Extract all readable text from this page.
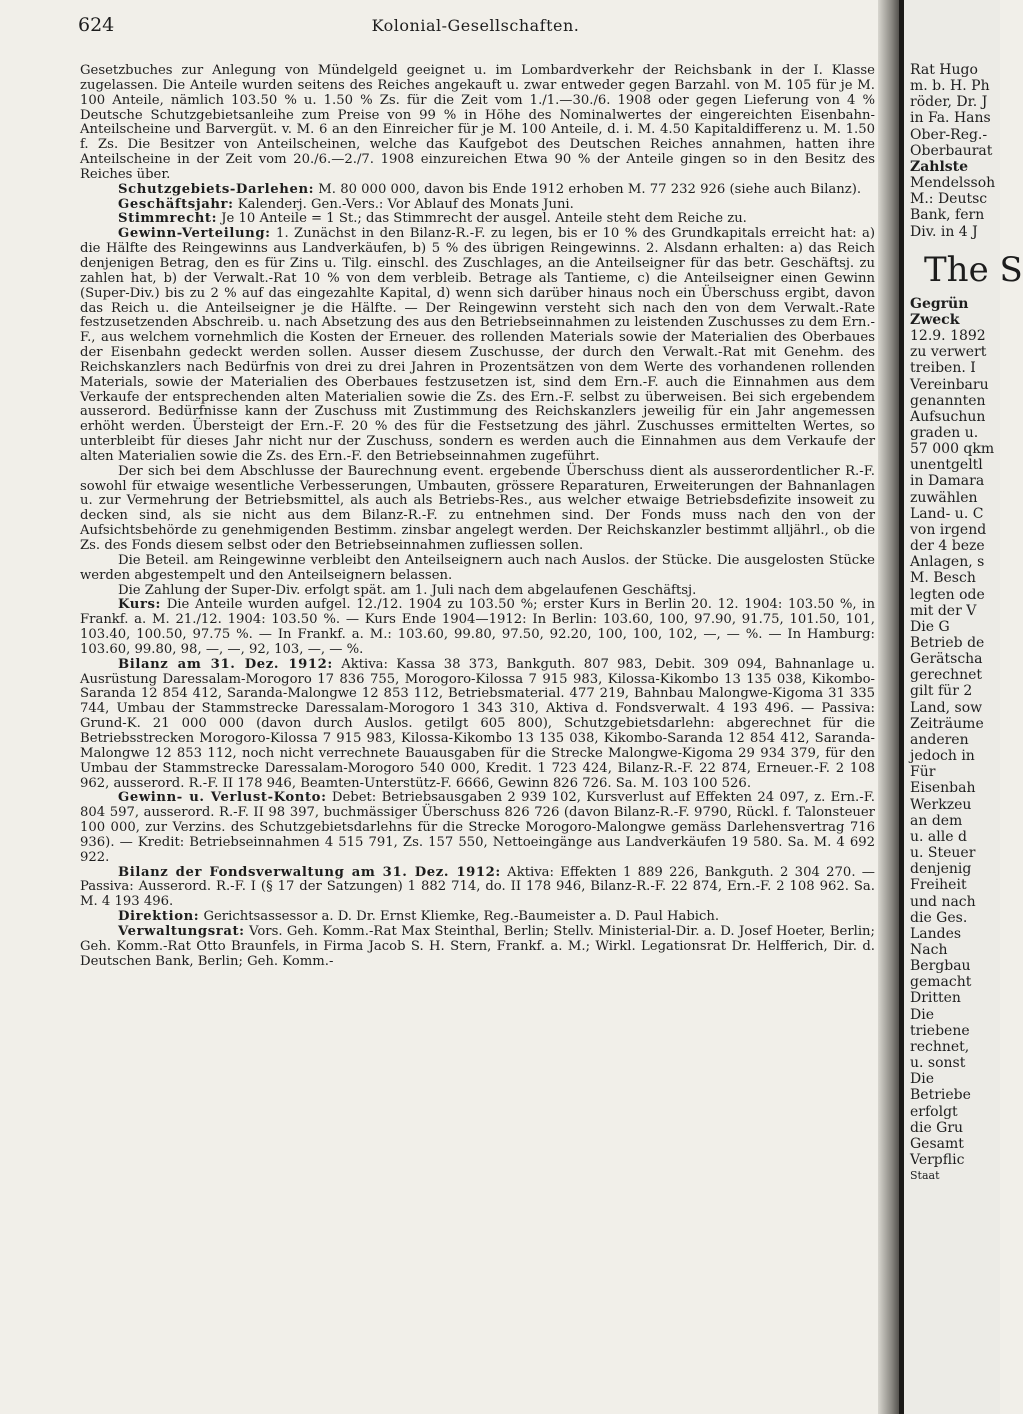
624	Kolonial-Gesellschaften.

Gesetzbuches zur Anlegung von Mündelgeld geeignet u. im Lombardverkehr der Reichsbank in der I. Klasse zugelassen. Die Anteile wurden seitens des Reiches angekauft u. zwar entweder gegen Barzahl. von M. 105 für je M. 100 Anteile, nämlich 103.50 % u. 1.50 % Zs. für die Zeit vom 1./1.—30./6. 1908 oder gegen Lieferung von 4 % Deutsche Schutzgebietsanleihe zum Preise von 99 % in Höhe des Nominalwertes der eingereichten Eisenbahn-Anteilscheine und Barvergüt. v. M. 6 an den Einreicher für je M. 100 Anteile, d. i. M. 4.50 Kapitaldifferenz u. M. 1.50 f. Zs. Die Besitzer von Anteilscheinen, welche das Kaufgebot des Deutschen Reiches annahmen, hatten ihre Anteilscheine in der Zeit vom 20./6.—2./7. 1908 einzureichen Etwa 90 % der Anteile gingen so in den Besitz des Reiches über.

Schutzgebiets-Darlehen: M. 80 000 000, davon bis Ende 1912 erhoben M. 77 232 926 (siehe auch Bilanz).

Geschäftsjahr: Kalenderj. Gen.-Vers.: Vor Ablauf des Monats Juni.

Stimmrecht: Je 10 Anteile = 1 St.; das Stimmrecht der ausgel. Anteile steht dem Reiche zu.

Gewinn-Verteilung: 1. Zunächst in den Bilanz-R.-F. zu legen, bis er 10 % des Grundkapitals erreicht hat: a) die Hälfte des Reingewinns aus Landverkäufen, b) 5 % des übrigen Reingewinns. 2. Alsdann erhalten: a) das Reich denjenigen Betrag, den es für Zins u. Tilg. einschl. des Zuschlages, an die Anteilseigner für das betr. Geschäftsj. zu zahlen hat, b) der Verwalt.-Rat 10 % von dem verbleib. Betrage als Tantieme, c) die Anteilseigner einen Gewinn (Super-Div.) bis zu 2 % auf das eingezahlte Kapital, d) wenn sich darüber hinaus noch ein Überschuss ergibt, davon das Reich u. die Anteilseigner je die Hälfte. — Der Reingewinn versteht sich nach den von dem Verwalt.-Rate festzusetzenden Abschreib. u. nach Absetzung des aus den Betriebseinnahmen zu leistenden Zuschusses zu dem Ern.-F., aus welchem vornehmlich die Kosten der Erneuer. des rollenden Materials sowie der Materialien des Oberbaues der Eisenbahn gedeckt werden sollen. Ausser diesem Zuschusse, der durch den Verwalt.-Rat mit Genehm. des Reichskanzlers nach Bedürfnis von drei zu drei Jahren in Prozentsätzen von dem Werte des vorhandenen rollenden Materials, sowie der Materialien des Oberbaues festzusetzen ist, sind dem Ern.-F. auch die Einnahmen aus dem Verkaufe der entsprechenden alten Materialien sowie die Zs. des Ern.-F. selbst zu überweisen. Bei sich ergebendem ausserord. Bedürfnisse kann der Zuschuss mit Zustimmung des Reichskanzlers jeweilig für ein Jahr angemessen erhöht werden. Übersteigt der Ern.-F. 20 % des für die Festsetzung des jährl. Zuschusses ermittelten Wertes, so unterbleibt für dieses Jahr nicht nur der Zuschuss, sondern es werden auch die Einnahmen aus dem Verkaufe der alten Materialien sowie die Zs. des Ern.-F. den Betriebseinnahmen zugeführt.

Der sich bei dem Abschlusse der Baurechnung event. ergebende Überschuss dient als ausserordentlicher R.-F. sowohl für etwaige wesentliche Verbesserungen, Umbauten, grössere Reparaturen, Erweiterungen der Bahnanlagen u. zur Vermehrung der Betriebsmittel, als auch als Betriebs-Res., aus welcher etwaige Betriebsdefizite insoweit zu decken sind, als sie nicht aus dem Bilanz-R.-F. zu entnehmen sind. Der Fonds muss nach den von der Aufsichtsbehörde zu genehmigenden Bestimm. zinsbar angelegt werden. Der Reichskanzler bestimmt alljährl., ob die Zs. des Fonds diesem selbst oder den Betriebseinnahmen zufliessen sollen.

Die Beteil. am Reingewinne verbleibt den Anteilseignern auch nach Auslos. der Stücke. Die ausgelosten Stücke werden abgestempelt und den Anteilseignern belassen.

Die Zahlung der Super-Div. erfolgt spät. am 1. Juli nach dem abgelaufenen Geschäftsj.

Kurs: Die Anteile wurden aufgel. 12./12. 1904 zu 103.50 %; erster Kurs in Berlin 20. 12. 1904: 103.50 %, in Frankf. a. M. 21./12. 1904: 103.50 %. — Kurs Ende 1904—1912: In Berlin: 103.60, 100, 97.90, 91.75, 101.50, 101, 103.40, 100.50, 97.75 %. — In Frankf. a. M.: 103.60, 99.80, 97.50, 92.20, 100, 100, 102, —, — %. — In Hamburg: 103.60, 99.80, 98, —, —, 92, 103, —, — %.

Bilanz am 31. Dez. 1912: Aktiva: Kassa 38 373, Bankguth. 807 983, Debit. 309 094, Bahnanlage u. Ausrüstung Daressalam-Morogoro 17 836 755, Morogoro-Kilossa 7 915 983, Kilossa-Kikombo 13 135 038, Kikombo-Saranda 12 854 412, Saranda-Malongwe 12 853 112, Betriebsmaterial. 477 219, Bahnbau Malongwe-Kigoma 31 335 744, Umbau der Stammstrecke Daressalam-Morogoro 1 343 310, Aktiva d. Fondsverwalt. 4 193 496. — Passiva: Grund-K. 21 000 000 (davon durch Auslos. getilgt 605 800), Schutzgebietsdarlehn: abgerechnet für die Betriebsstrecken Morogoro-Kilossa 7 915 983, Kilossa-Kikombo 13 135 038, Kikombo-Saranda 12 854 412, Saranda-Malongwe 12 853 112, noch nicht verrechnete Bauausgaben für die Strecke Malongwe-Kigoma 29 934 379, für den Umbau der Stammstrecke Daressalam-Morogoro 540 000, Kredit. 1 723 424, Bilanz-R.-F. 22 874, Erneuer.-F. 2 108 962, ausserord. R.-F. II 178 946, Beamten-Unterstütz-F. 6666, Gewinn 826 726. Sa. M. 103 100 526.

Gewinn- u. Verlust-Konto: Debet: Betriebsausgaben 2 939 102, Kursverlust auf Effekten 24 097, z. Ern.-F. 804 597, ausserord. R.-F. II 98 397, buchmässiger Überschuss 826 726 (davon Bilanz-R.-F. 9790, Rückl. f. Talonsteuer 100 000, zur Verzins. des Schutzgebietsdarlehns für die Strecke Morogoro-Malongwe gemäss Darlehensvertrag 716 936). — Kredit: Betriebseinnahmen 4 515 791, Zs. 157 550, Nettoeingänge aus Landverkäufen 19 580. Sa. M. 4 692 922.

Bilanz der Fondsverwaltung am 31. Dez. 1912: Aktiva: Effekten 1 889 226, Bankguth. 2 304 270. — Passiva: Ausserord. R.-F. I (§ 17 der Satzungen) 1 882 714, do. II 178 946, Bilanz-R.-F. 22 874, Ern.-F. 2 108 962. Sa. M. 4 193 496.

Direktion: Gerichtsassessor a. D. Dr. Ernst Kliemke, Reg.-Baumeister a. D. Paul Habich.

Verwaltungsrat: Vors. Geh. Komm.-Rat Max Steinthal, Berlin; Stellv. Ministerial-Dir. a. D. Josef Hoeter, Berlin; Geh. Komm.-Rat Otto Braunfels, in Firma Jacob S. H. Stern, Frankf. a. M.; Wirkl. Legationsrat Dr. Helfferich, Dir. d. Deutschen Bank, Berlin; Geh. Komm.-

Rat Hugo
m. b. H. Ph
röder, Dr. J
in Fa. Hans
Ober-Reg.-
Oberbaurat
Zahlste
Mendelssoh
M.: Deutsc
Bank, fern
Div. in 4 J
The S
Gegrün
Zweck
12.9. 1892
zu verwert
treiben. I
Vereinbaru
genannten
Aufsuchun
graden u.
57 000 qkm
unentgeltl
in Damara
zuwählen
Land- u. C
von irgend
der 4 beze
Anlagen, s
M. Besch
legten ode
mit der V
Die G
Betrieb de
Gerätscha
gerechnet
gilt für 2
Land, sow
Zeiträume
anderen
jedoch in
Für
Eisenbah
Werkzeu
an dem
u. alle d
u. Steuer
denjenig
Freiheit
und nach
die Ges.
Landes
Nach
Bergbau
gemacht
Dritten
Die
triebene
rechnet,
u. sonst
Die
Betriebe
erfolgt
die Gru
Gesamt
Verpflic
Staat
